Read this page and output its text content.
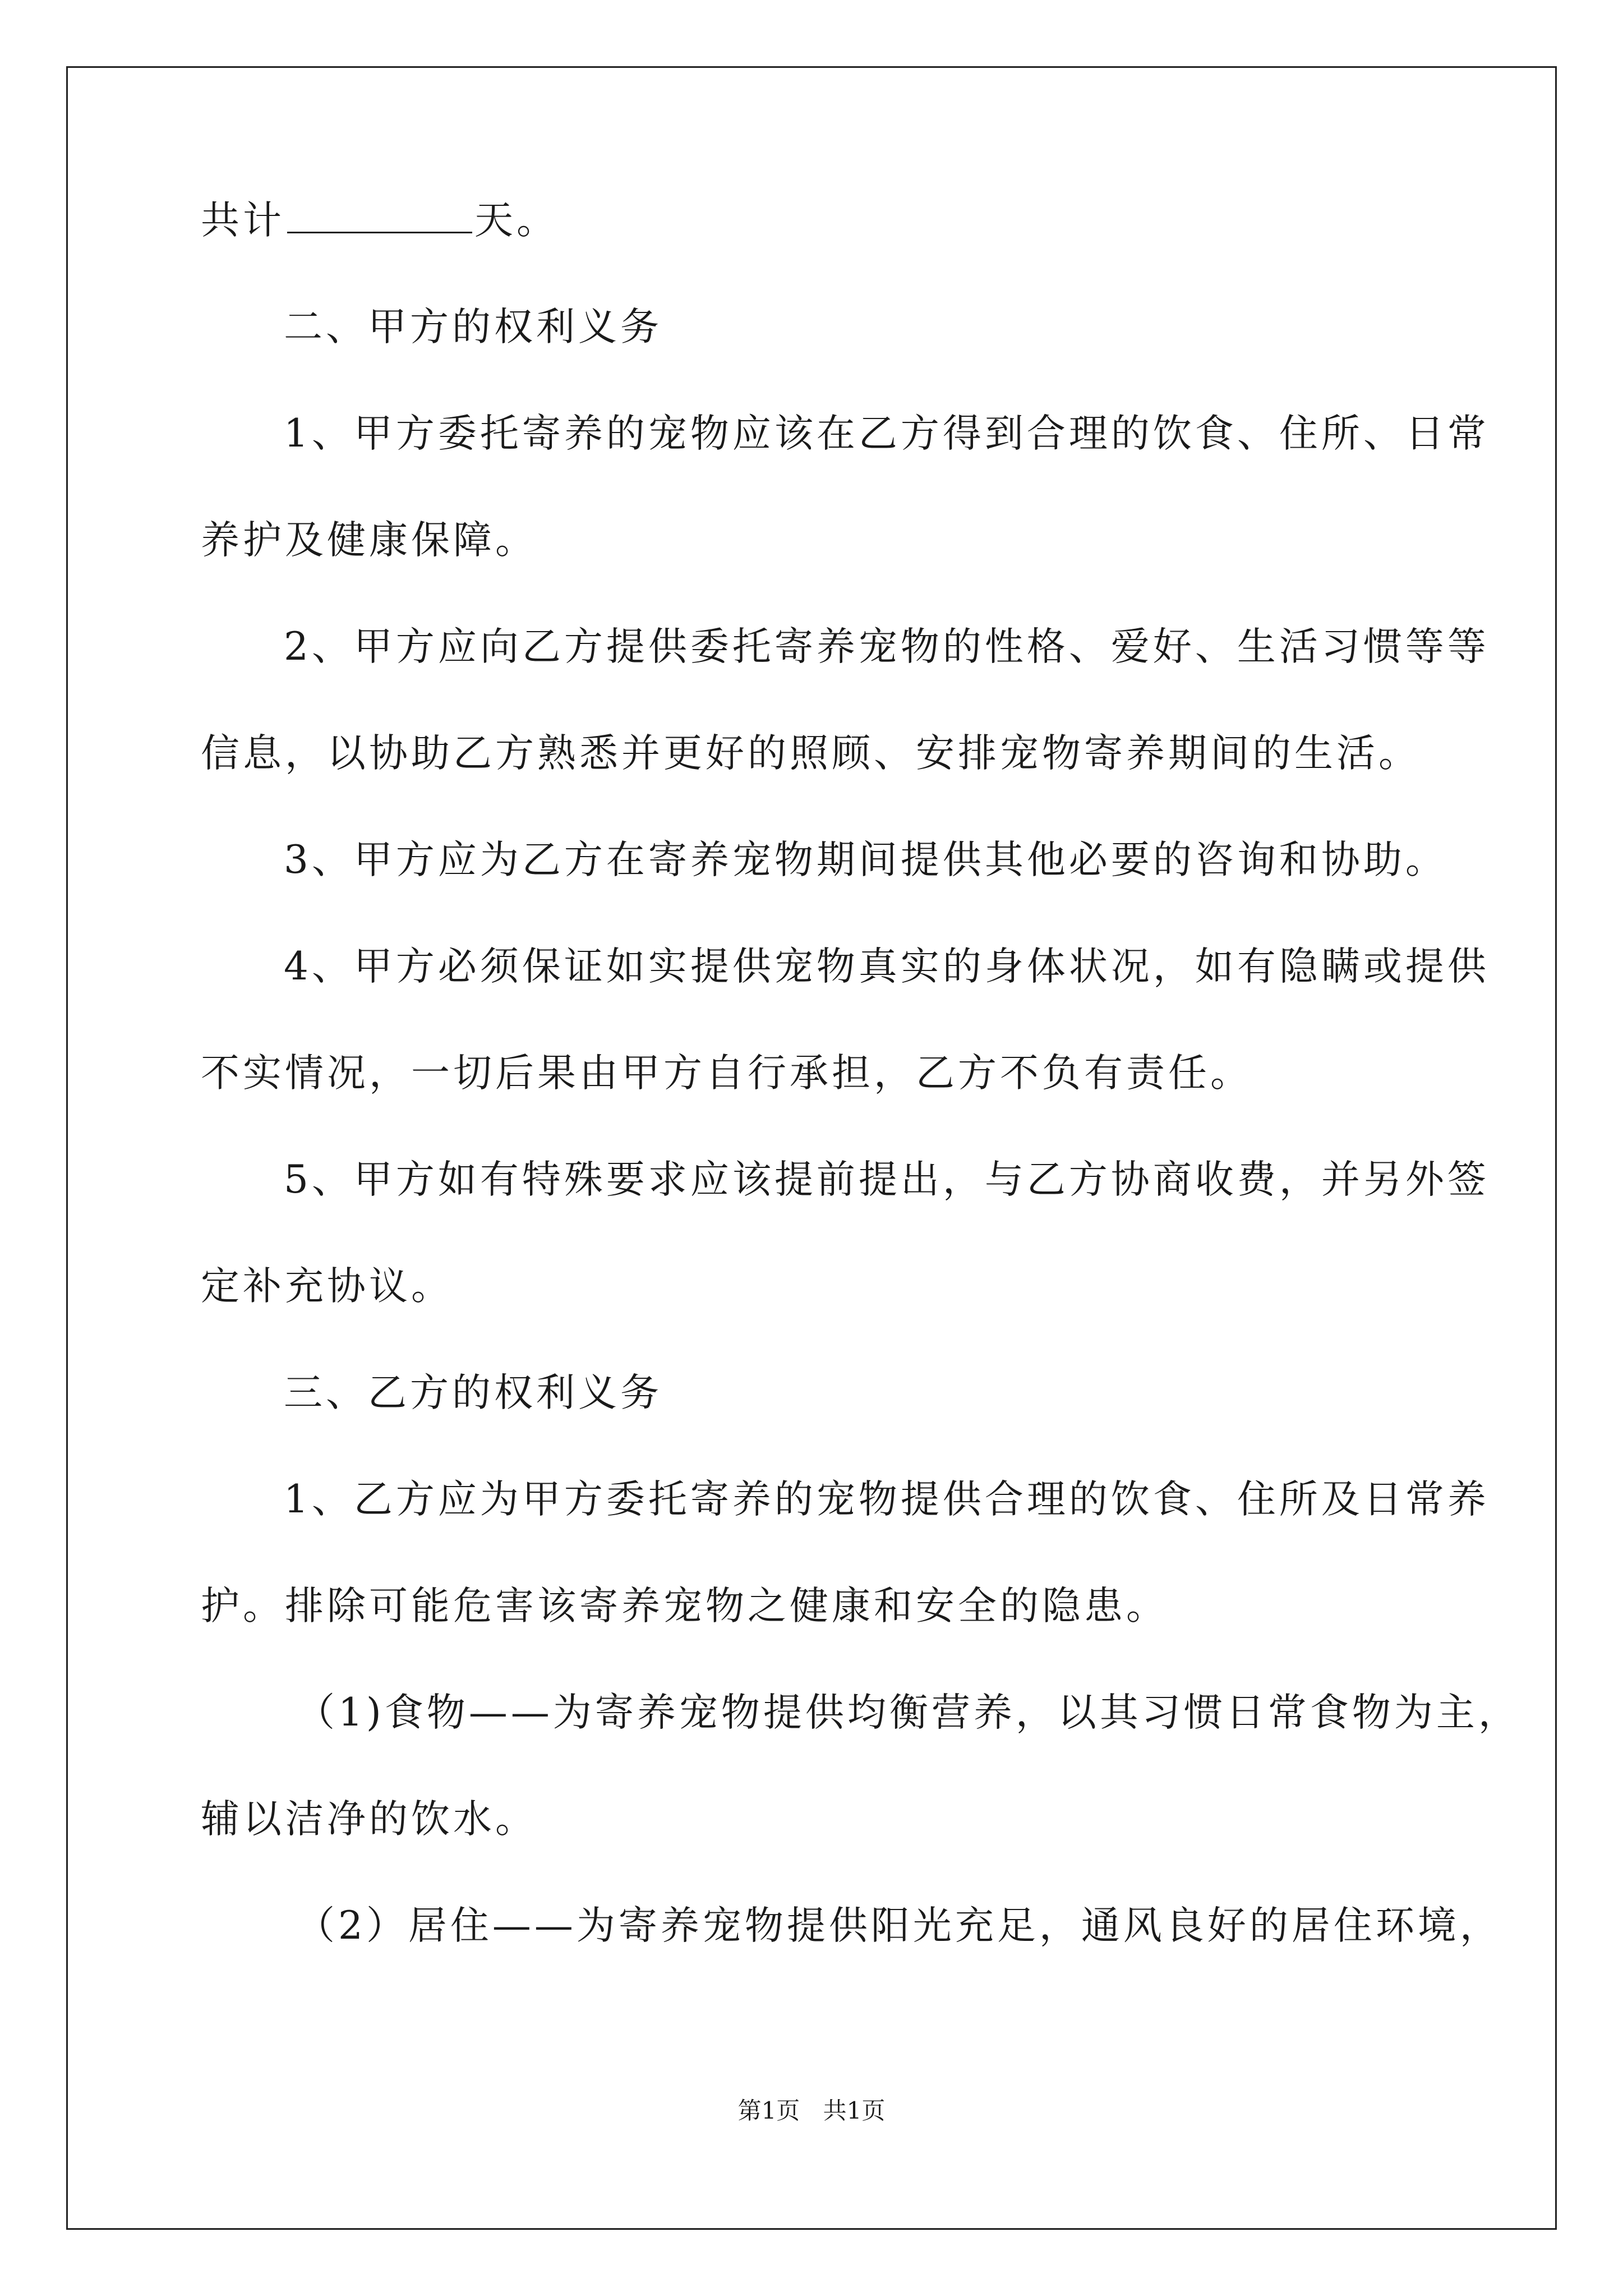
共计	天。
二、甲方的权利义务
1、甲方委托寄养的宠物应该在乙方得到合理的饮食、住所、日常
养护及健康保障。
2、甲方应向乙方提供委托寄养宠物的性格、爱好、生活习惯等等
信息，以协助乙方熟悉并更好的照顾、安排宠物寄养期间的生活。
3、甲方应为乙方在寄养宠物期间提供其他必要的咨询和协助。
4、甲方必须保证如实提供宠物真实的身体状况，如有隐瞒或提供
不实情况，一切后果由甲方自行承担，乙方不负有责任。
5、甲方如有特殊要求应该提前提出，与乙方协商收费，并另外签
定补充协议。
三、乙方的权利义务
1、乙方应为甲方委托寄养的宠物提供合理的饮食、住所及日常养
护。排除可能危害该寄养宠物之健康和安全的隐患。
（1)食物——为寄养宠物提供均衡营养，以其习惯日常食物为主，
辅以洁净的饮水。
（2）居住——为寄养宠物提供阳光充足，通风良好的居住环境，
第1页 共1页
